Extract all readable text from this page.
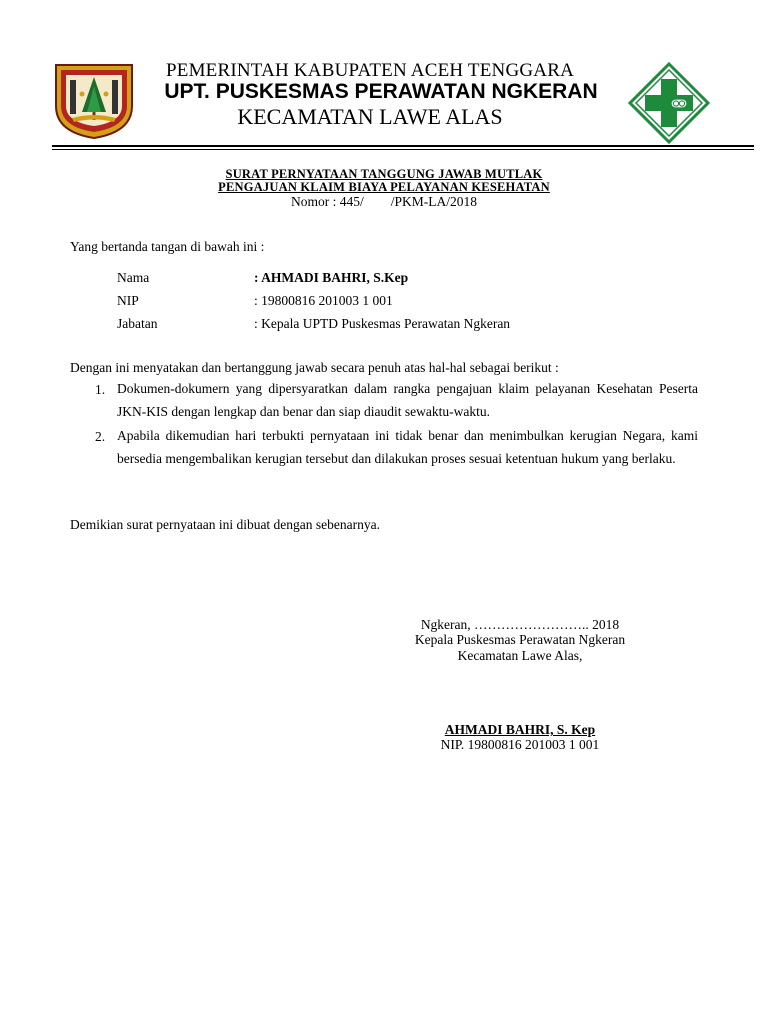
PEMERINTAH KABUPATEN ACEH TENGGARA
UPT. PUSKESMAS PERAWATAN NGKERAN
KECAMATAN LAWE ALAS
SURAT PERNYATAAN TANGGUNG JAWAB MUTLAK
PENGAJUAN KLAIM BIAYA PELAYANAN KESEHATAN
Nomor : 445/        /PKM-LA/2018
Yang bertanda tangan di bawah ini :
Nama	: AHMADI BAHRI, S.Kep
NIP	: 19800816 201003 1 001
Jabatan	: Kepala UPTD Puskesmas Perawatan Ngkeran
Dengan ini menyatakan dan bertanggung jawab secara penuh atas hal-hal sebagai berikut :
1. Dokumen-dokumern yang dipersyaratkan dalam rangka pengajuan klaim pelayanan Kesehatan Peserta JKN-KIS dengan lengkap dan benar dan siap diaudit sewaktu-waktu.
2. Apabila dikemudian hari terbukti pernyataan ini tidak benar dan menimbulkan kerugian Negara, kami bersedia mengembalikan kerugian tersebut dan dilakukan proses sesuai ketentuan hukum yang berlaku.
Demikian surat pernyataan ini dibuat dengan sebenarnya.
Ngkeran, …………………….. 2018
Kepala Puskesmas Perawatan Ngkeran
Kecamatan Lawe Alas,
AHMADI BAHRI, S. Kep
NIP. 19800816 201003 1 001
